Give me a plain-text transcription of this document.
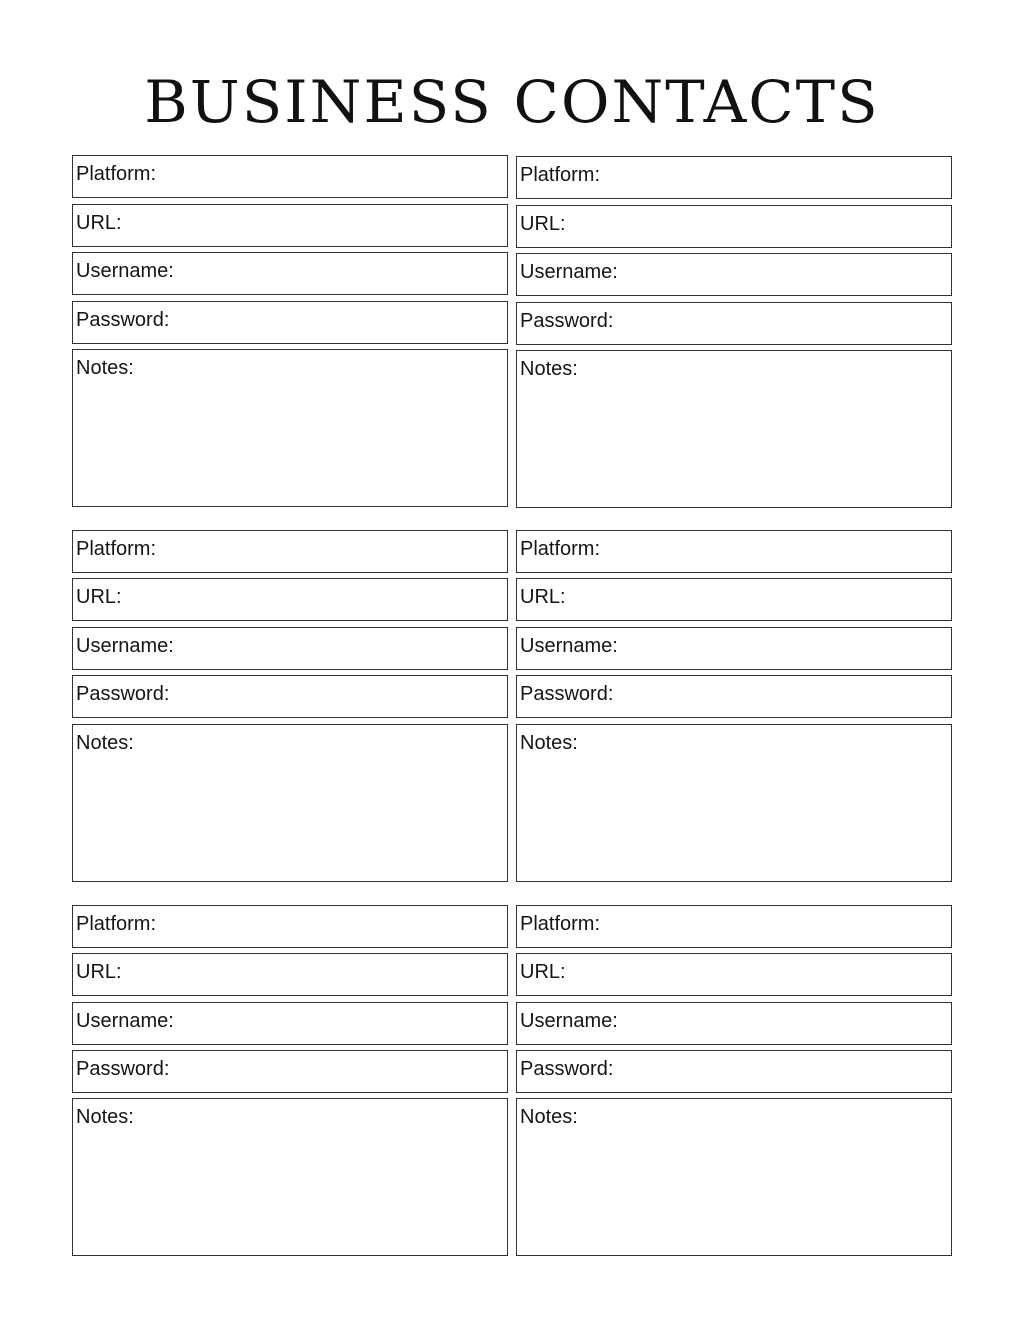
BUSINESS CONTACTS
Platform:
URL:
Username:
Password:
Notes:
Platform:
URL:
Username:
Password:
Notes:
Platform:
URL:
Username:
Password:
Notes:
Platform:
URL:
Username:
Password:
Notes:
Platform:
URL:
Username:
Password:
Notes:
Platform:
URL:
Username:
Password:
Notes:
